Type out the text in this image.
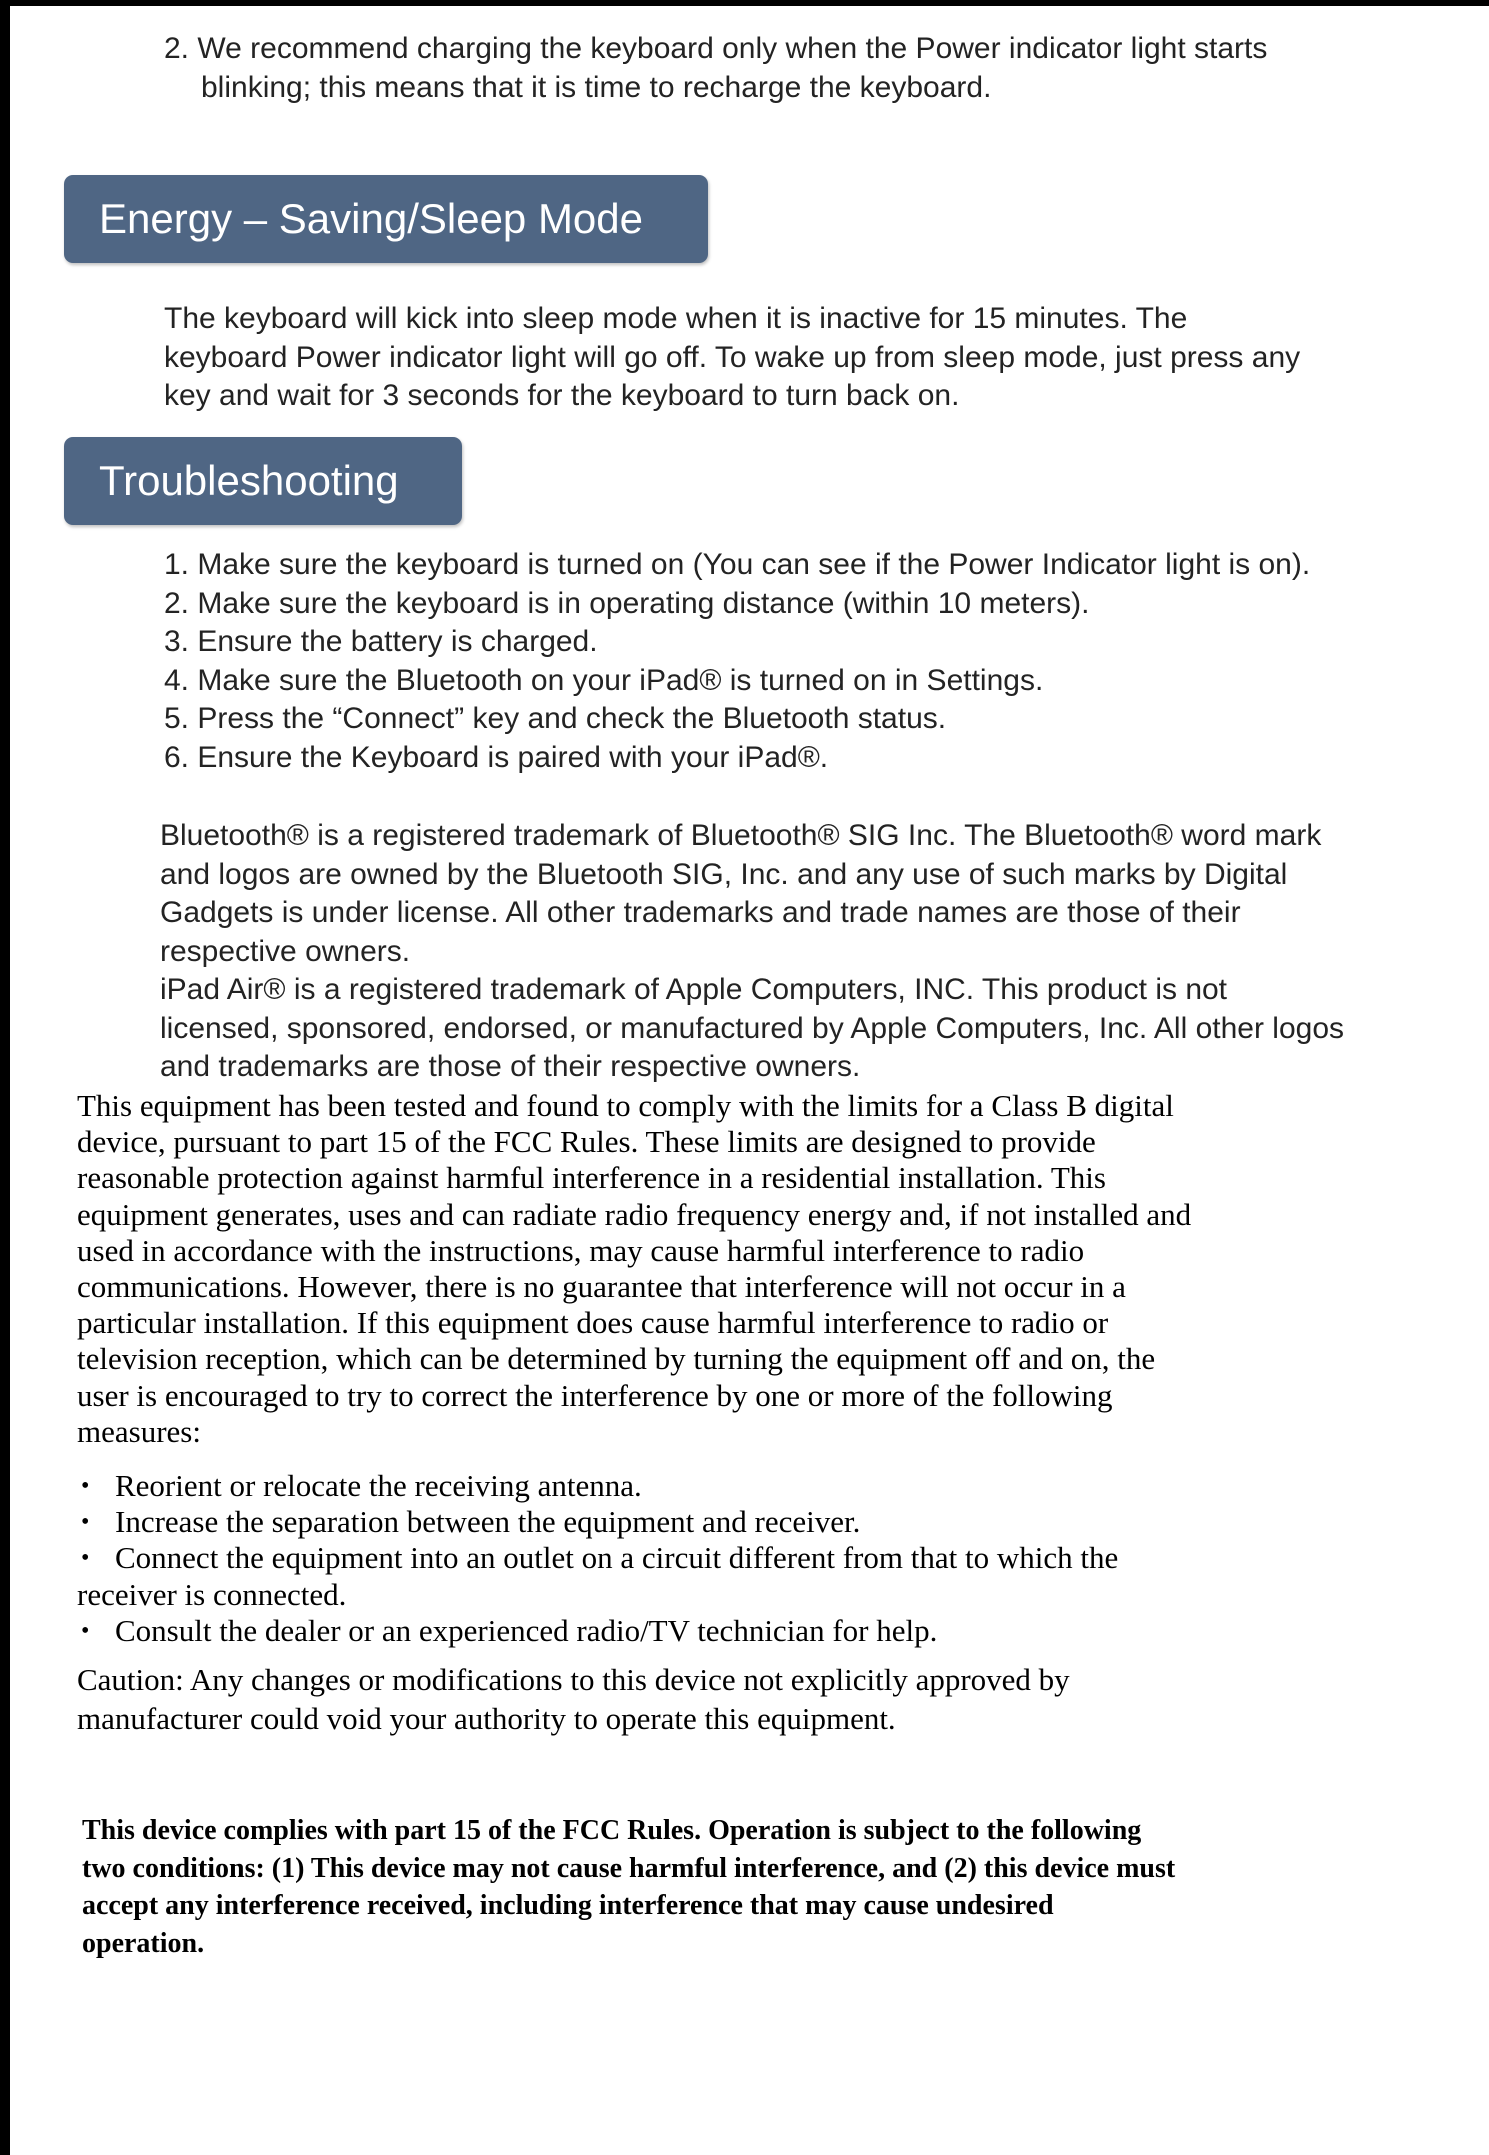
2. We recommend charging the keyboard only when the Power indicator light starts blinking; this means that it is time to recharge the keyboard.
Energy – Saving/Sleep Mode
The keyboard will kick into sleep mode when it is inactive for 15 minutes. The keyboard Power indicator light will go off. To wake up from sleep mode, just press any key and wait for 3 seconds for the keyboard to turn back on.
Troubleshooting
1. Make sure the keyboard is turned on (You can see if the Power Indicator light is on).
2. Make sure the keyboard is in operating distance (within 10 meters).
3. Ensure the battery is charged.
4. Make sure the Bluetooth on your iPad® is turned on in Settings.
5. Press the “Connect” key and check the Bluetooth status.
6. Ensure the Keyboard is paired with your iPad®.
Bluetooth® is a registered trademark of Bluetooth® SIG Inc. The Bluetooth® word mark and logos are owned by the Bluetooth SIG, Inc. and any use of such marks by Digital Gadgets is under license. All other trademarks and trade names are those of their respective owners.
iPad Air® is a registered trademark of Apple Computers, INC. This product is not licensed, sponsored, endorsed, or manufactured by Apple Computers, Inc. All other logos and trademarks are those of their respective owners.
This equipment has been tested and found to comply with the limits for a Class B digital device, pursuant to part 15 of the FCC Rules. These limits are designed to provide reasonable protection against harmful interference in a residential installation. This equipment generates, uses and can radiate radio frequency energy and, if not installed and used in accordance with the instructions, may cause harmful interference to radio communications. However, there is no guarantee that interference will not occur in a particular installation. If this equipment does cause harmful interference to radio or television reception, which can be determined by turning the equipment off and on, the user is encouraged to try to correct the interference by one or more of the following measures:
• Reorient or relocate the receiving antenna.
• Increase the separation between the equipment and receiver.
• Connect the equipment into an outlet on a circuit different from that to which the receiver is connected.
• Consult the dealer or an experienced radio/TV technician for help.
Caution: Any changes or modifications to this device not explicitly approved by manufacturer could void your authority to operate this equipment.
This device complies with part 15 of the FCC Rules. Operation is subject to the following two conditions: (1) This device may not cause harmful interference, and (2) this device must accept any interference received, including interference that may cause undesired operation.
